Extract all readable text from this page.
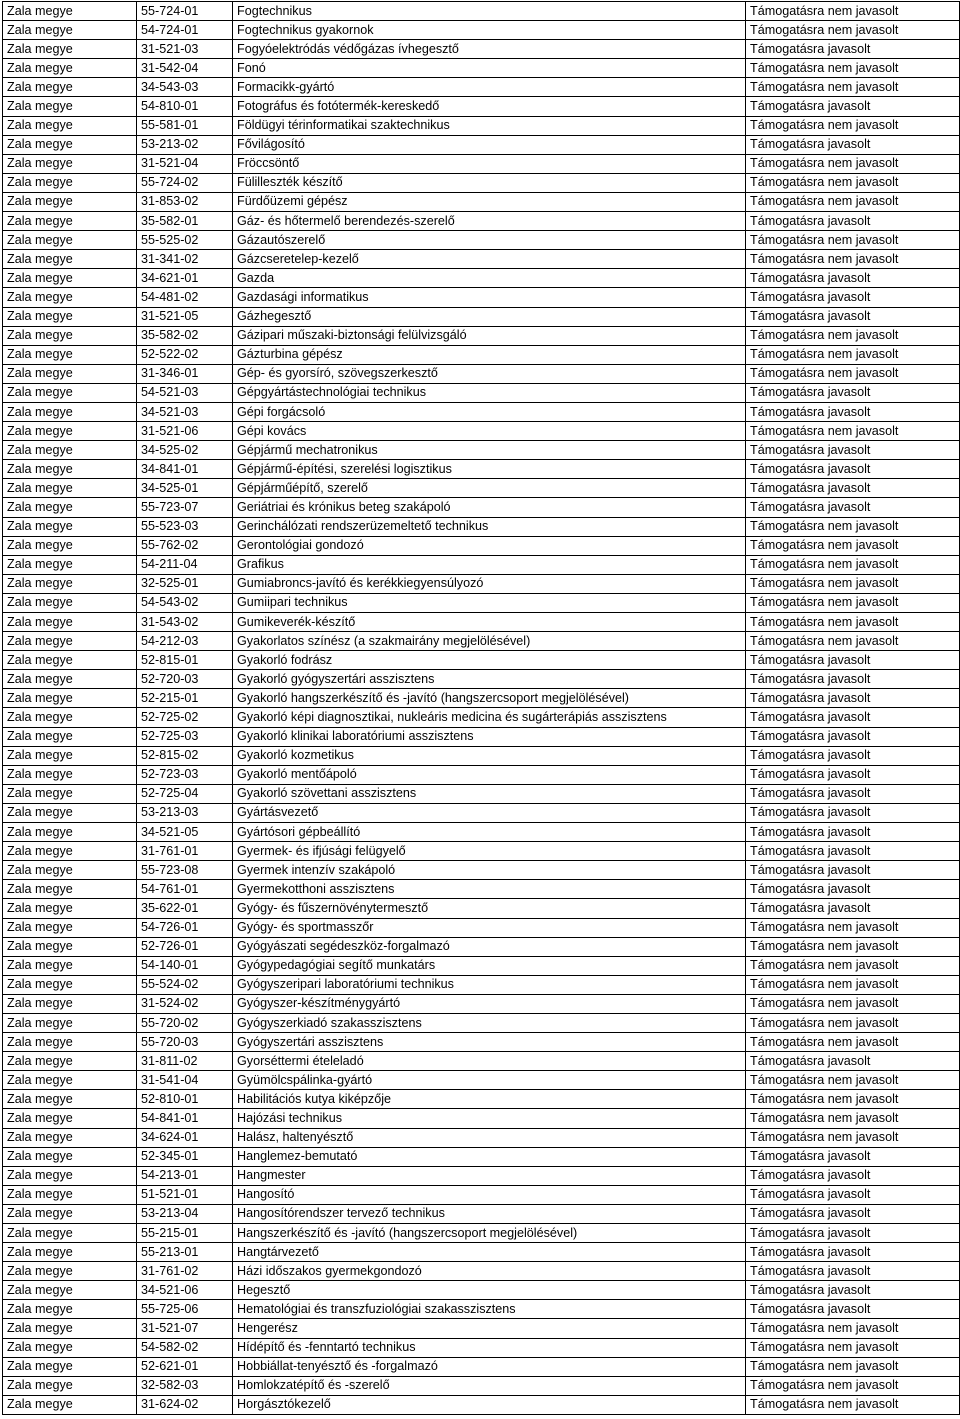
Zala megye	55-724-01	Fogtechnikus	Támogatásra nem javasolt
Zala megye	54-724-01	Fogtechnikus gyakornok	Támogatásra nem javasolt
Zala megye	31-521-03	Fogyóelektródás védőgázas ívhegesztő	Támogatásra javasolt
Zala megye	31-542-04	Fonó	Támogatásra nem javasolt
Zala megye	34-543-03	Formacikk-gyártó	Támogatásra nem javasolt
Zala megye	54-810-01	Fotográfus és fotótermék-kereskedő	Támogatásra javasolt
Zala megye	55-581-01	Földügyi térinformatikai szaktechnikus	Támogatásra nem javasolt
Zala megye	53-213-02	Fővilágosító	Támogatásra javasolt
Zala megye	31-521-04	Fröccsöntő	Támogatásra nem javasolt
Zala megye	55-724-02	Fülilleszték készítő	Támogatásra nem javasolt
Zala megye	31-853-02	Fürdőüzemi gépész	Támogatásra nem javasolt
Zala megye	35-582-01	Gáz- és hőtermelő berendezés-szerelő	Támogatásra javasolt
Zala megye	55-525-02	Gázautószerelő	Támogatásra nem javasolt
Zala megye	31-341-02	Gázcseretelep-kezelő	Támogatásra nem javasolt
Zala megye	34-621-01	Gazda	Támogatásra javasolt
Zala megye	54-481-02	Gazdasági informatikus	Támogatásra javasolt
Zala megye	31-521-05	Gázhegesztő	Támogatásra javasolt
Zala megye	35-582-02	Gázipari műszaki-biztonsági felülvizsgáló	Támogatásra nem javasolt
Zala megye	52-522-02	Gázturbina gépész	Támogatásra nem javasolt
Zala megye	31-346-01	Gép- és gyorsíró, szövegszerkesztő	Támogatásra nem javasolt
Zala megye	54-521-03	Gépgyártástechnológiai technikus	Támogatásra javasolt
Zala megye	34-521-03	Gépi forgácsoló	Támogatásra javasolt
Zala megye	31-521-06	Gépi kovács	Támogatásra nem javasolt
Zala megye	34-525-02	Gépjármű mechatronikus	Támogatásra javasolt
Zala megye	34-841-01	Gépjármű-építési, szerelési logisztikus	Támogatásra javasolt
Zala megye	34-525-01	Gépjárműépítő, szerelő	Támogatásra javasolt
Zala megye	55-723-07	Geriátriai és krónikus beteg szakápoló	Támogatásra javasolt
Zala megye	55-523-03	Gerinchálózati rendszerüzemeltető technikus	Támogatásra nem javasolt
Zala megye	55-762-02	Gerontológiai gondozó	Támogatásra nem javasolt
Zala megye	54-211-04	Grafikus	Támogatásra nem javasolt
Zala megye	32-525-01	Gumiabroncs-javító és kerékkiegyensúlyozó	Támogatásra nem javasolt
Zala megye	54-543-02	Gumiipari technikus	Támogatásra nem javasolt
Zala megye	31-543-02	Gumikeverék-készítő	Támogatásra nem javasolt
Zala megye	54-212-03	Gyakorlatos színész (a szakmairány megjelölésével)	Támogatásra nem javasolt
Zala megye	52-815-01	Gyakorló fodrász	Támogatásra javasolt
Zala megye	52-720-03	Gyakorló gyógyszertári asszisztens	Támogatásra javasolt
Zala megye	52-215-01	Gyakorló hangszerkészítő és -javító (hangszercsoport megjelölésével)	Támogatásra javasolt
Zala megye	52-725-02	Gyakorló képi diagnosztikai, nukleáris medicina és sugárterápiás asszisztens	Támogatásra javasolt
Zala megye	52-725-03	Gyakorló klinikai laboratóriumi asszisztens	Támogatásra javasolt
Zala megye	52-815-02	Gyakorló kozmetikus	Támogatásra javasolt
Zala megye	52-723-03	Gyakorló mentőápoló	Támogatásra javasolt
Zala megye	52-725-04	Gyakorló szövettani asszisztens	Támogatásra javasolt
Zala megye	53-213-03	Gyártásvezető	Támogatásra javasolt
Zala megye	34-521-05	Gyártósori gépbeállító	Támogatásra javasolt
Zala megye	31-761-01	Gyermek- és ifjúsági felügyelő	Támogatásra javasolt
Zala megye	55-723-08	Gyermek intenzív szakápoló	Támogatásra javasolt
Zala megye	54-761-01	Gyermekotthoni asszisztens	Támogatásra javasolt
Zala megye	35-622-01	Gyógy- és fűszernövénytermesztő	Támogatásra javasolt
Zala megye	54-726-01	Gyógy- és sportmasszőr	Támogatásra nem javasolt
Zala megye	52-726-01	Gyógyászati segédeszköz-forgalmazó	Támogatásra nem javasolt
Zala megye	54-140-01	Gyógypedagógiai segítő munkatárs	Támogatásra nem javasolt
Zala megye	55-524-02	Gyógyszeripari laboratóriumi technikus	Támogatásra nem javasolt
Zala megye	31-524-02	Gyógyszer-készítménygyártó	Támogatásra nem javasolt
Zala megye	55-720-02	Gyógyszerkiadó szakasszisztens	Támogatásra nem javasolt
Zala megye	55-720-03	Gyógyszertári asszisztens	Támogatásra nem javasolt
Zala megye	31-811-02	Gyorséttermi ételeladó	Támogatásra javasolt
Zala megye	31-541-04	Gyümölcspálinka-gyártó	Támogatásra nem javasolt
Zala megye	52-810-01	Habilitációs kutya kiképzője	Támogatásra nem javasolt
Zala megye	54-841-01	Hajózási technikus	Támogatásra nem javasolt
Zala megye	34-624-01	Halász, haltenyésztő	Támogatásra nem javasolt
Zala megye	52-345-01	Hanglemez-bemutató	Támogatásra javasolt
Zala megye	54-213-01	Hangmester	Támogatásra javasolt
Zala megye	51-521-01	Hangosító	Támogatásra javasolt
Zala megye	53-213-04	Hangosítórendszer tervező technikus	Támogatásra javasolt
Zala megye	55-215-01	Hangszerkészítő és -javító (hangszercsoport megjelölésével)	Támogatásra javasolt
Zala megye	55-213-01	Hangtárvezető	Támogatásra javasolt
Zala megye	31-761-02	Házi időszakos gyermekgondozó	Támogatásra javasolt
Zala megye	34-521-06	Hegesztő	Támogatásra javasolt
Zala megye	55-725-06	Hematológiai és transzfuziológiai szakasszisztens	Támogatásra javasolt
Zala megye	31-521-07	Hengerész	Támogatásra nem javasolt
Zala megye	54-582-02	Hídépítő és -fenntartó technikus	Támogatásra nem javasolt
Zala megye	52-621-01	Hobbiállat-tenyésztő és -forgalmazó	Támogatásra nem javasolt
Zala megye	32-582-03	Homlokzatépítő és -szerelő	Támogatásra nem javasolt
Zala megye	31-624-02	Horgásztókezelő	Támogatásra nem javasolt
